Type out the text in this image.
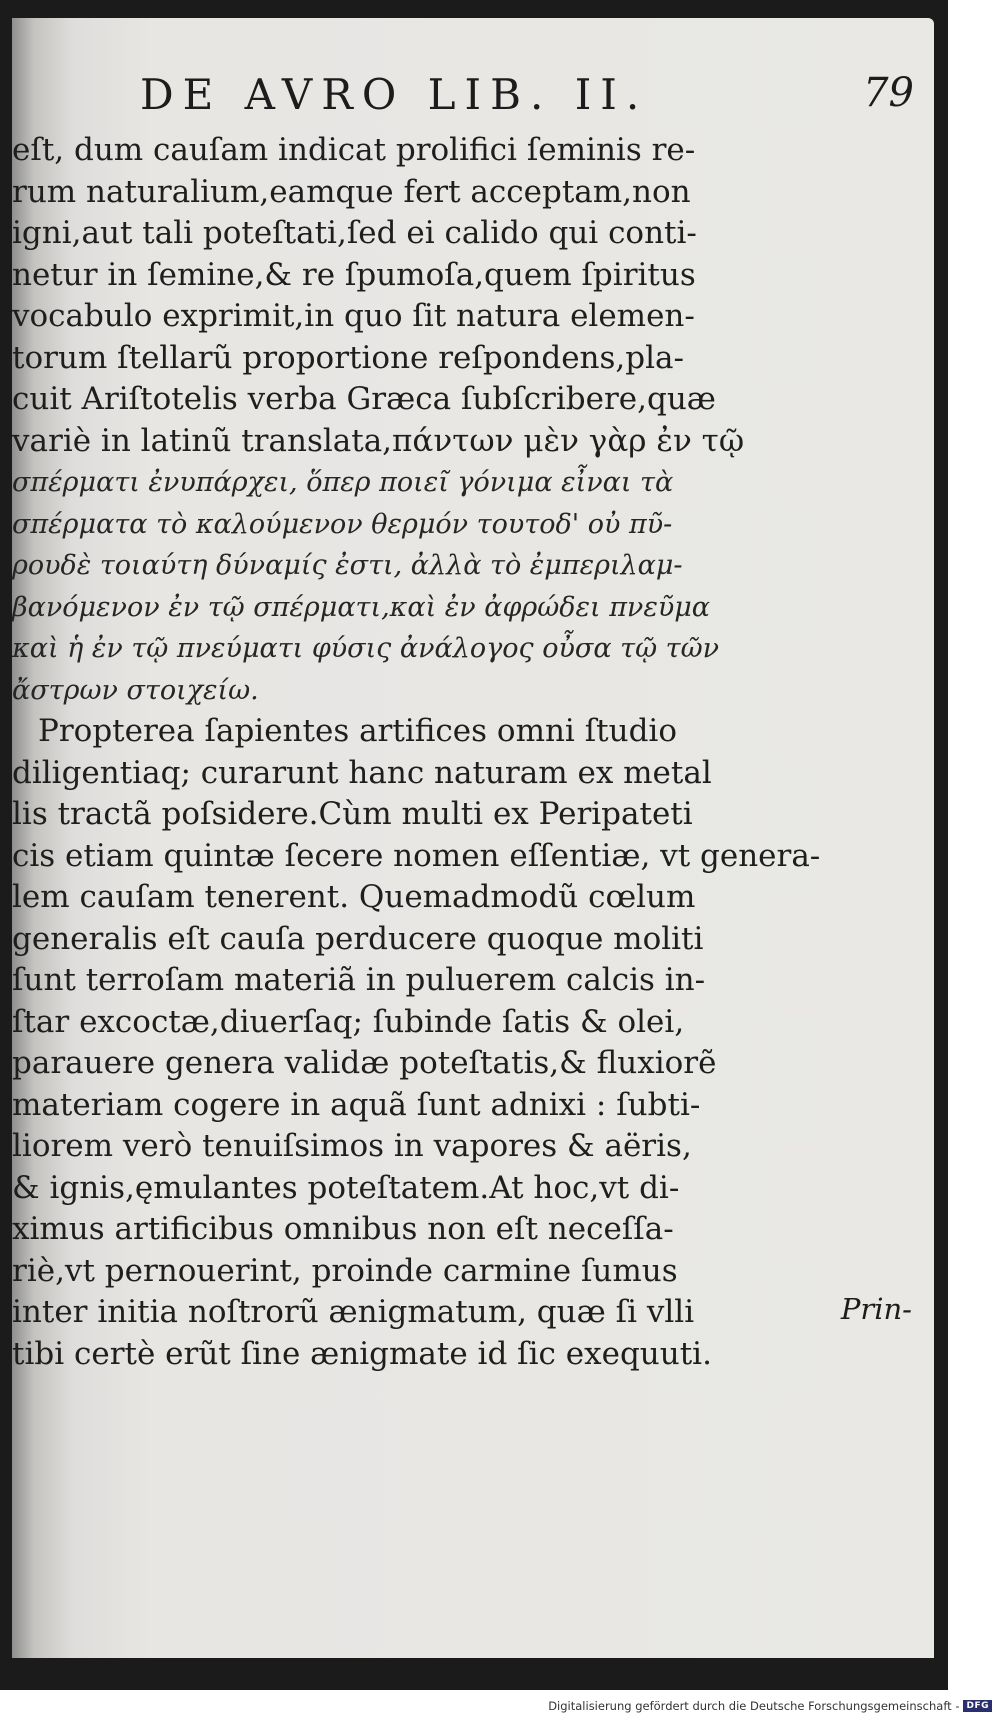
DE AVRO LIB. II.	79
eſt, dum cauſam indicat prolifici ſeminis re-
rum naturalium,eamque fert acceptam,non
igni,aut tali poteſtati,ſed ei calido qui conti-
netur in ſemine,& re ſpumoſa,quem ſpiritus
vocabulo exprimit,in quo ſit natura elemen-
torum ſtellarũ proportione reſpondens,pla-
cuit Ariſtotelis verba Græca ſubſcribere,quæ
variè in latinũ translata,πάντων μὲν γὰρ ἐν τῷ
σπέρματι ἐνυπάρχει, ὅπερ ποιεῖ γόνιμα εἶναι τὰ
σπέρματα τὸ καλούμενον θερμόν τουτοδ' οὐ πῦ-
ρουδὲ τοιαύτη δύναμίς ἐστι, ἀλλὰ τὸ ἐμπεριλαμ-
βανόμενον ἐν τῷ σπέρματι,καὶ ἐν ἀφρώδει πνεῦμα
καὶ ἡ ἐν τῷ πνεύματι φύσις ἀνάλογος οὖσα τῷ τῶν
ἄστρων στοιχείω.
Propterea ſapientes artifices omni ſtudio
diligentiaq; curarunt hanc naturam ex metal
lis tractã poſsidere.Cùm multi ex Peripateti
cis etiam quintæ ſecere nomen eſſentiæ, vt genera-
lem cauſam tenerent. Quemadmodũ cœlum
generalis eſt cauſa perducere quoque moliti
ſunt terroſam materiã in puluerem calcis in-
ſtar excoctæ,diuerſaq; ſubinde ſatis & olei,
parauere genera validæ poteſtatis,& fluxiorẽ
materiam cogere in aquã ſunt adnixi : ſubti-
liorem verò tenuiſsimos in vapores & aëris,
& ignis,ęmulantes poteſtatem.At hoc,vt di-
ximus artificibus omnibus non eſt neceſſa-
riè,vt pernouerint, proinde carmine ſumus
inter initia noſtrorũ ænigmatum, quæ ſi vlli
tibi certè erũt ſine ænigmate id ſic exequuti.
Prin-
Digitalisierung gefördert durch die Deutsche Forschungsgemeinschaft - DFG
